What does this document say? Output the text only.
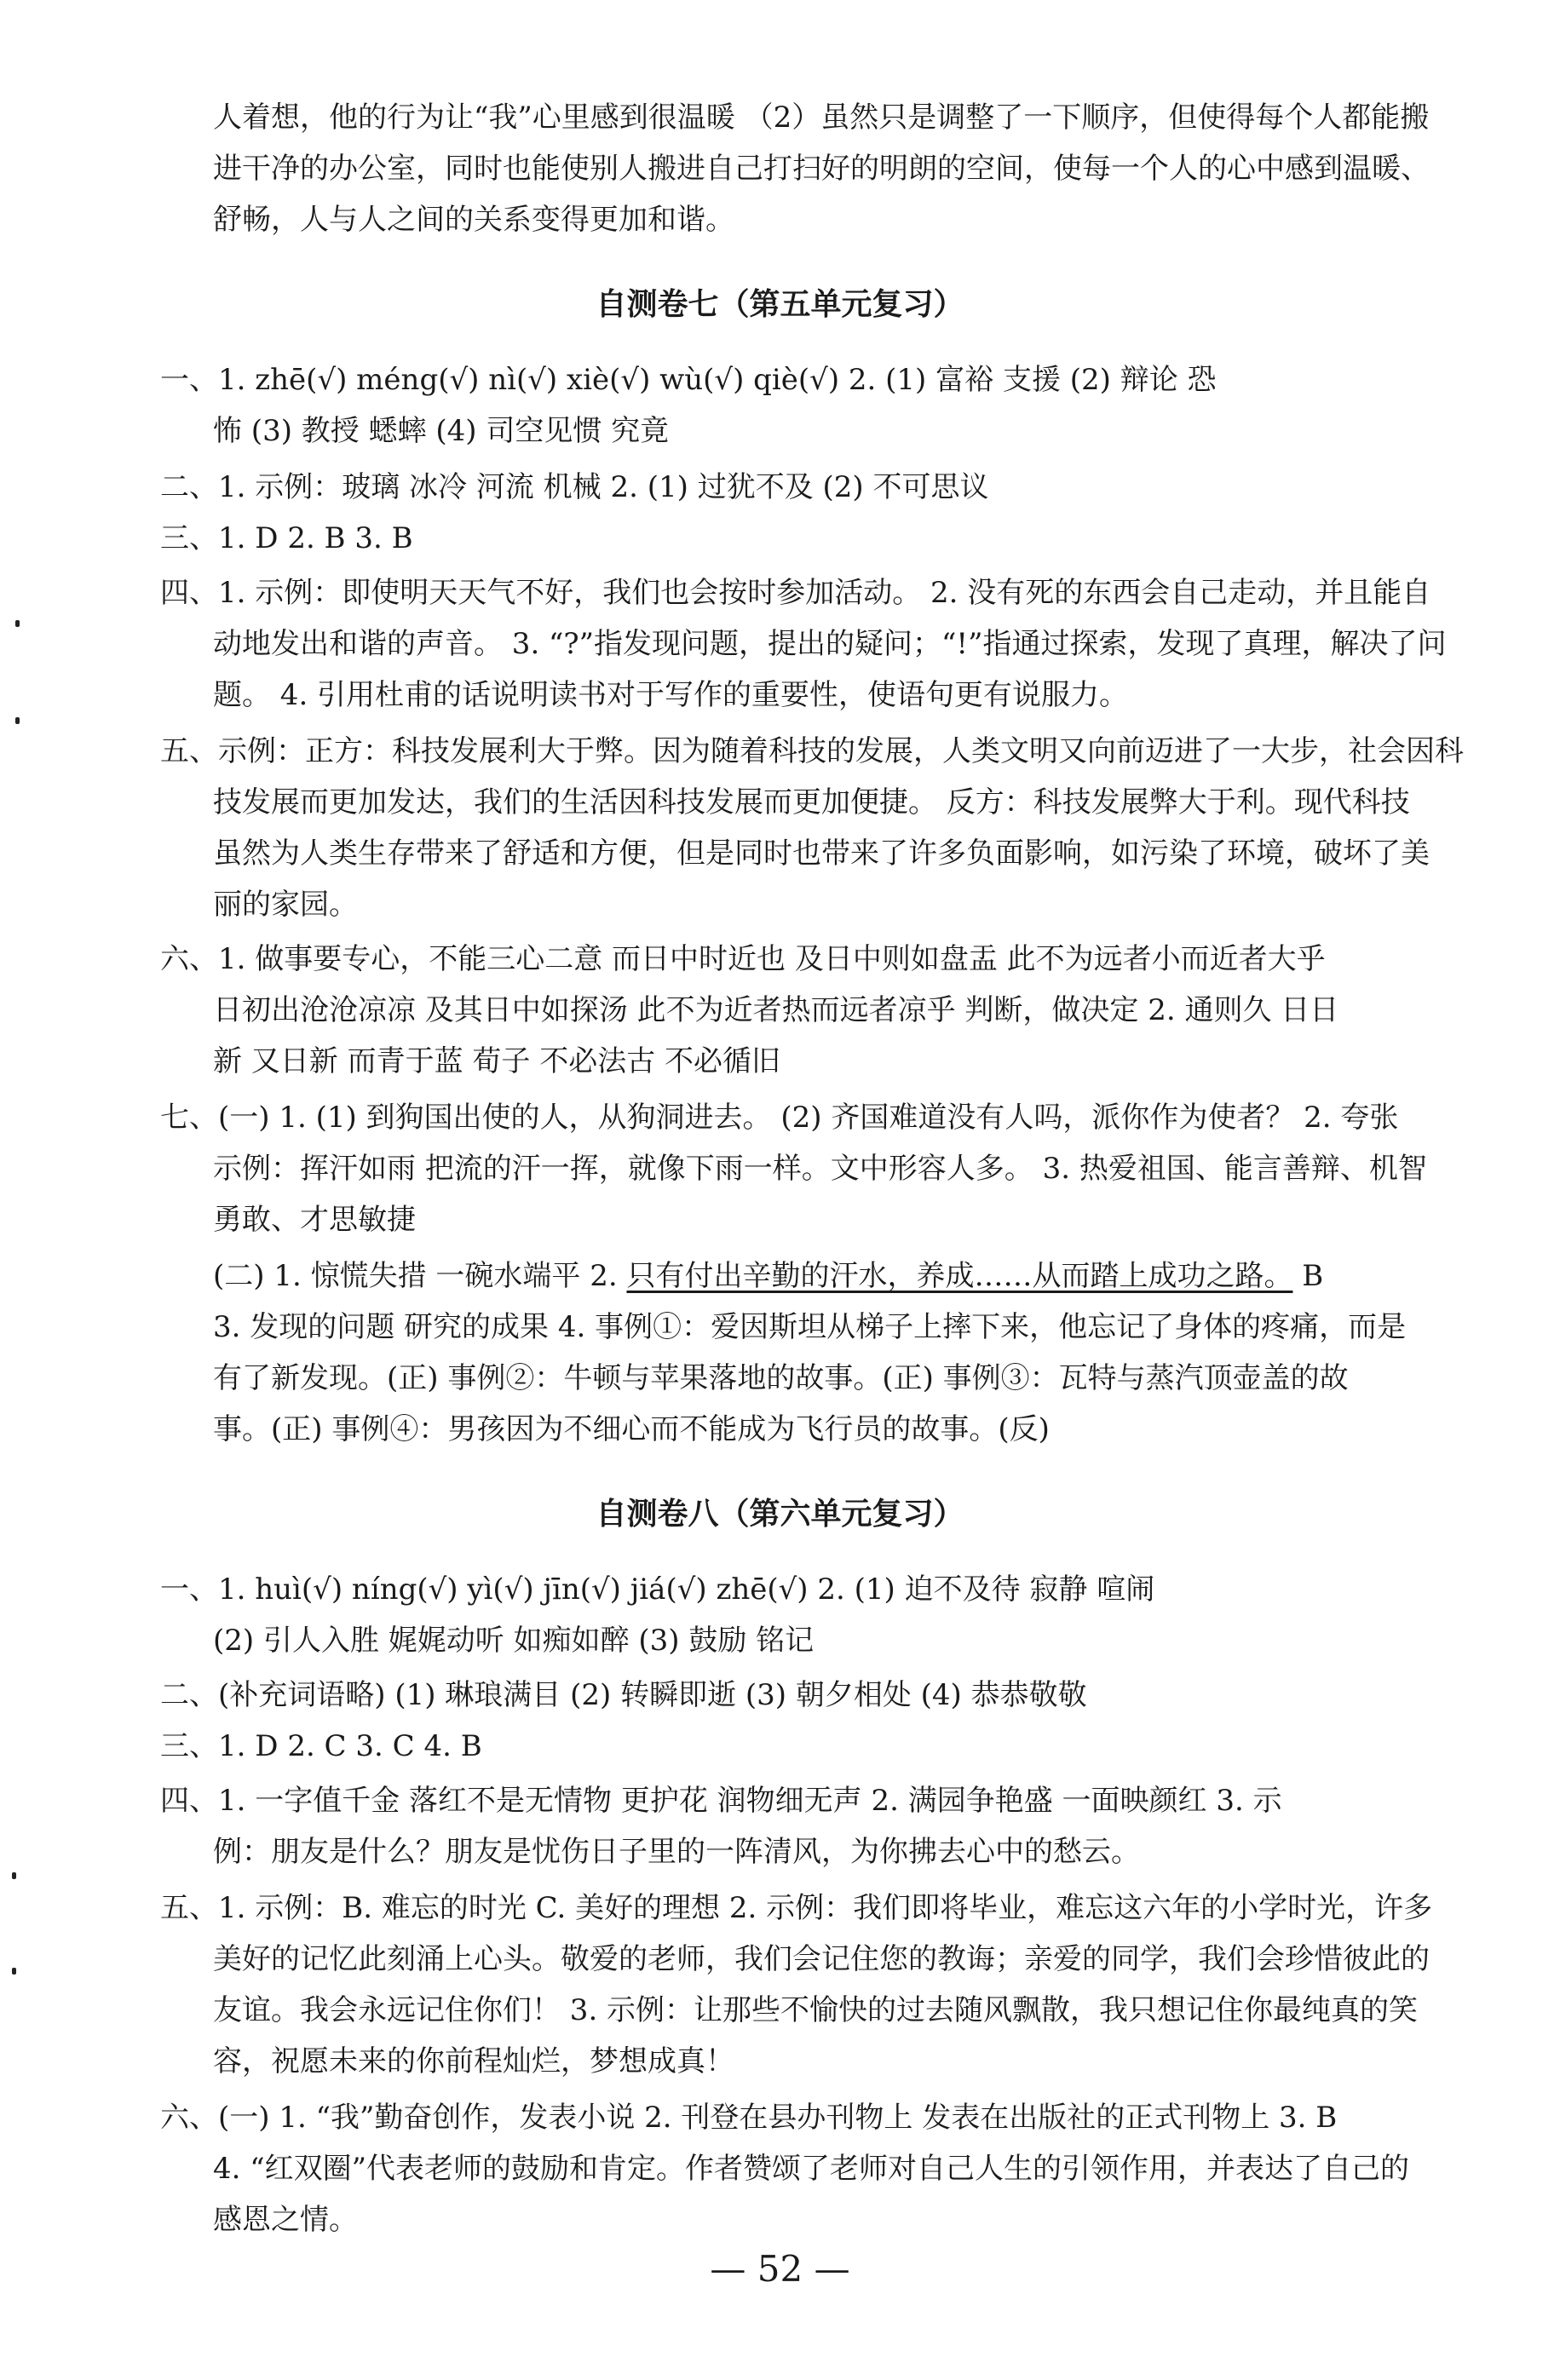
人着想，他的行为让“我”心里感到很温暖 （2）虽然只是调整了一下顺序，但使得每个人都能搬
进干净的办公室，同时也能使别人搬进自己打扫好的明朗的空间，使每一个人的心中感到温暖、
舒畅，人与人之间的关系变得更加和谐。
自测卷七（第五单元复习）
一、1. zhē(√) méng(√) nì(√) xiè(√) wù(√) qiè(√) 2. (1) 富裕 支援 (2) 辩论 恐
怖 (3) 教授 蟋蟀 (4) 司空见惯 究竟
二、1. 示例：玻璃 冰冷 河流 机械 2. (1) 过犹不及 (2) 不可思议
三、1. D 2. B 3. B
四、1. 示例：即使明天天气不好，我们也会按时参加活动。 2. 没有死的东西会自己走动，并且能自
动地发出和谐的声音。 3. “?”指发现问题，提出的疑问；“!”指通过探索，发现了真理，解决了问
题。 4. 引用杜甫的话说明读书对于写作的重要性，使语句更有说服力。
五、示例：正方：科技发展利大于弊。因为随着科技的发展，人类文明又向前迈进了一大步，社会因科
技发展而更加发达，我们的生活因科技发展而更加便捷。 反方：科技发展弊大于利。现代科技
虽然为人类生存带来了舒适和方便，但是同时也带来了许多负面影响，如污染了环境，破坏了美
丽的家园。
六、1. 做事要专心，不能三心二意 而日中时近也 及日中则如盘盂 此不为远者小而近者大乎
日初出沧沧凉凉 及其日中如探汤 此不为近者热而远者凉乎 判断，做决定 2. 通则久 日日
新 又日新 而青于蓝 荀子 不必法古 不必循旧
七、(一) 1. (1) 到狗国出使的人，从狗洞进去。 (2) 齐国难道没有人吗，派你作为使者？ 2. 夸张
示例：挥汗如雨 把流的汗一挥，就像下雨一样。文中形容人多。 3. 热爱祖国、能言善辩、机智
勇敢、才思敏捷
(二) 1. 惊慌失措 一碗水端平 2. 只有付出辛勤的汗水，养成……从而踏上成功之路。 B
3. 发现的问题 研究的成果 4. 事例①：爱因斯坦从梯子上摔下来，他忘记了身体的疼痛，而是
有了新发现。(正) 事例②：牛顿与苹果落地的故事。(正) 事例③：瓦特与蒸汽顶壶盖的故
事。(正) 事例④：男孩因为不细心而不能成为飞行员的故事。(反)
自测卷八（第六单元复习）
一、1. huì(√) níng(√) yì(√) jīn(√) jiá(√) zhē(√) 2. (1) 迫不及待 寂静 喧闹
(2) 引人入胜 娓娓动听 如痴如醉 (3) 鼓励 铭记
二、(补充词语略) (1) 琳琅满目 (2) 转瞬即逝 (3) 朝夕相处 (4) 恭恭敬敬
三、1. D 2. C 3. C 4. B
四、1. 一字值千金 落红不是无情物 更护花 润物细无声 2. 满园争艳盛 一面映颜红 3. 示
例：朋友是什么？朋友是忧伤日子里的一阵清风，为你拂去心中的愁云。
五、1. 示例：B. 难忘的时光 C. 美好的理想 2. 示例：我们即将毕业，难忘这六年的小学时光，许多
美好的记忆此刻涌上心头。敬爱的老师，我们会记住您的教诲；亲爱的同学，我们会珍惜彼此的
友谊。我会永远记住你们！ 3. 示例：让那些不愉快的过去随风飘散，我只想记住你最纯真的笑
容，祝愿未来的你前程灿烂，梦想成真！
六、(一) 1. “我”勤奋创作，发表小说 2. 刊登在县办刊物上 发表在出版社的正式刊物上 3. B
4. “红双圈”代表老师的鼓励和肯定。作者赞颂了老师对自己人生的引领作用，并表达了自己的
感恩之情。
— 52 —
